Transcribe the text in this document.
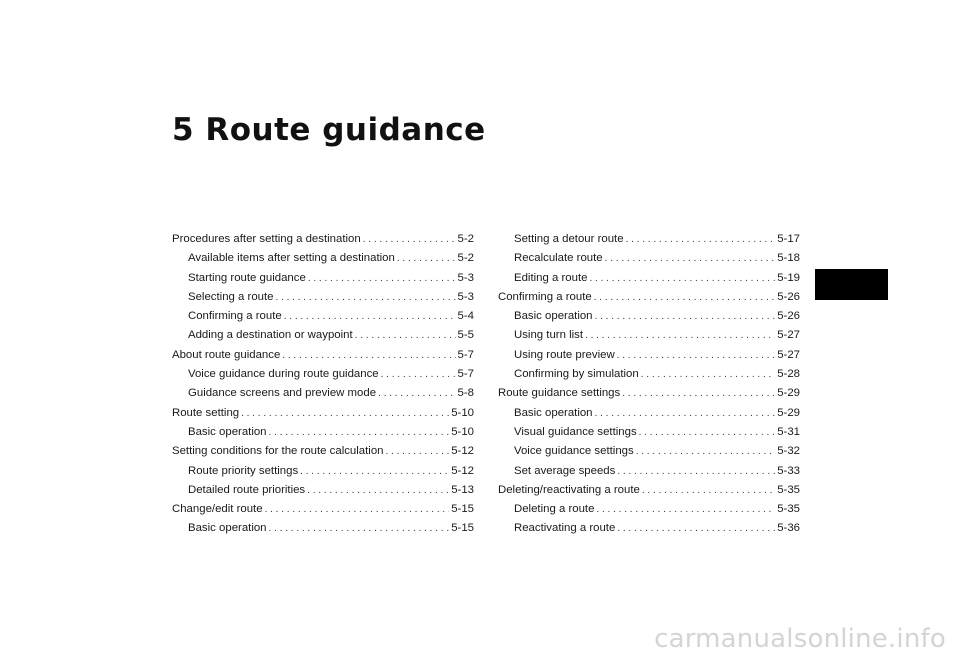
5 Route guidance
Procedures after setting a destination . . .	5-2
Available items after setting a destination . . .	5-2
Starting route guidance . . .	5-3
Selecting a route . . .	5-3
Confirming a route . . .	5-4
Adding a destination or waypoint . . .	5-5
About route guidance . . .	5-7
Voice guidance during route guidance . . .	5-7
Guidance screens and preview mode . . .	5-8
Route setting . . .	5-10
Basic operation . . .	5-10
Setting conditions for the route calculation . . .	5-12
Route priority settings . . .	5-12
Detailed route priorities . . .	5-13
Change/edit route . . .	5-15
Basic operation . . .	5-15
Setting a detour route . . .	5-17
Recalculate route . . .	5-18
Editing a route . . .	5-19
Confirming a route . . .	5-26
Basic operation . . .	5-26
Using turn list . . .	5-27
Using route preview . . .	5-27
Confirming by simulation . . .	5-28
Route guidance settings . . .	5-29
Basic operation . . .	5-29
Visual guidance settings . . .	5-31
Voice guidance settings . . .	5-32
Set average speeds . . .	5-33
Deleting/reactivating a route . . .	5-35
Deleting a route . . .	5-35
Reactivating a route . . .	5-36
carmanualsonline.info
